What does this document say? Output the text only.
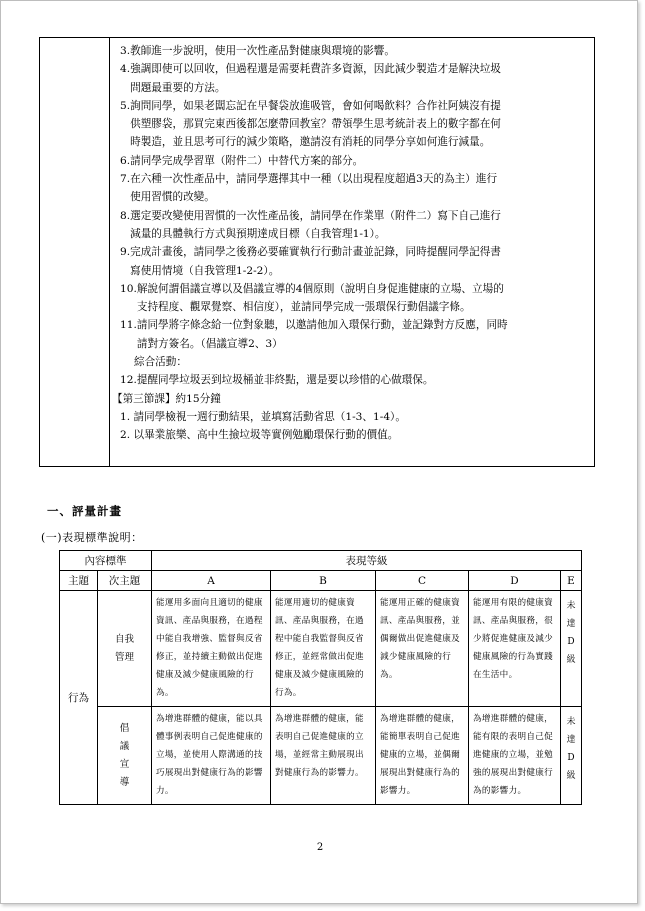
3. 教師進一步說明，使用一次性產品對健康與環境的影響。
4. 強調即使可以回收，但過程還是需要耗費許多資源，因此減少製造才是解決垃圾
問題最重要的方法。
5. 詢問同學，如果老闆忘記在早餐袋放進吸管，會如何喝飲料？合作社阿姨沒有提
供塑膠袋，那買完東西後都怎麼帶回教室？帶領學生思考統計表上的數字都在何
時製造，並且思考可行的減少策略，邀請沒有消耗的同學分享如何進行減量。
6. 請同學完成學習單（附件二）中替代方案的部分。
7. 在六種一次性產品中，請同學選擇其中一種（以出現程度超過3天的為主）進行
使用習慣的改變。
8. 選定要改變使用習慣的一次性產品後，請同學在作業單（附件二）寫下自己進行
減量的具體執行方式與預期達成目標（自我管理1-1）。
9. 完成計畫後，請同學之後務必要確實執行行動計畫並記錄，同時提醒同學記得書
寫使用情境（自我管理1-2-2）。
10. 解說何謂倡議宣導以及倡議宣導的4個原則（說明自身促進健康的立場、立場的
支持程度、觀眾覺察、相信度），並請同學完成一張環保行動倡議字條。
11. 請同學將字條念給一位對象聽，以邀請他加入環保行動，並記錄對方反應，同時
請對方簽名。（倡議宣導2、3）
綜合活動：
12. 提醒同學垃圾丟到垃圾桶並非終點，還是要以珍惜的心做環保。
【第三節課】約15分鐘
1. 請同學檢視一週行動結果，並填寫活動省思（1-3、1-4）。
2. 以畢業旅樂、高中生撿垃圾等實例勉勵環保行動的價值。
一、評量計畫
(一)表現標準說明：
內容標準		表現等級				
主題	次主題	A	B	C	D	E
行為	自我管理	能運用多面向且適切的健康資訊、產品與服務，在過程中能自我增強、監督與反省修正，並持續主動做出促進健康及減少健康風險的行為。	能運用適切的健康資訊、產品與服務，在過程中能自我監督與反省修正，並經常做出促進健康及減少健康風險的行為。	能運用正確的健康資訊、產品與服務，並偶爾做出促進健康及減少健康風險的行為。	能運用有限的健康資訊、產品與服務，很少將促進健康及減少健康風險的行為實踐在生活中。	未達D級

	倡議宣導	為增進群體的健康，能以具體事例表明自己促進健康的立場，並使用人際溝通的技巧展現出對健康行為的影響力。	為增進群體的健康，能表明自己促進健康的立場，並經常主動展現出對健康行為的影響力。	為增進群體的健康，能簡單表明自己促進健康的立場，並偶爾展現出對健康行為的影響力。	為增進群體的健康，能有限的表明自己促進健康的立場，並勉強的展現出對健康行為的影響力。	未達D級
2
